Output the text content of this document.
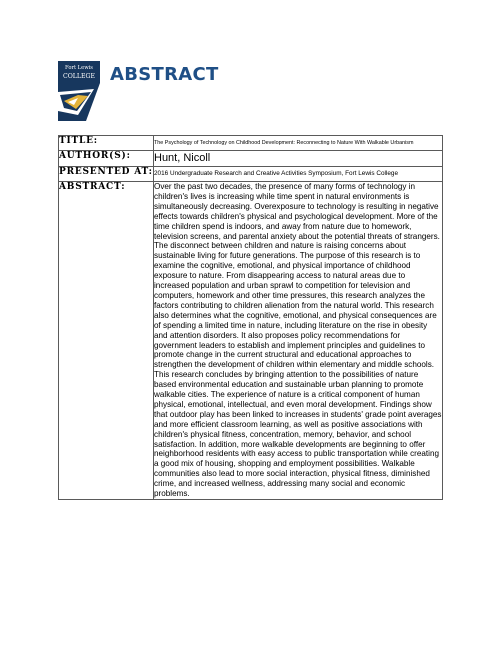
Fort Lewis
COLLEGE ABSTRACT
TITLE:	The Psychology of Technology on Childhood Development: Reconnecting to Nature With Walkable Urbanism
AUTHOR(S):	Hunt, Nicoll
PRESENTED AT:	2016 Undergraduate Research and Creative Activities Symposium, Fort Lewis College
ABSTRACT:	Over the past two decades, the presence of many forms of technology in children's lives is increasing while time spent in natural environments is simultaneously decreasing. Overexposure to technology is resulting in negative effects towards children's physical and psychological development. More of the time children spend is indoors, and away from nature due to homework, television screens, and parental anxiety about the potential threats of strangers. The disconnect between children and nature is raising concerns about sustainable living for future generations. The purpose of this research is to examine the cognitive, emotional, and physical importance of childhood exposure to nature. From disappearing access to natural areas due to increased population and urban sprawl to competition for television and computers, homework and other time pressures, this research analyzes the factors contributing to children alienation from the natural world. This research also determines what the cognitive, emotional, and physical consequences are of spending a limited time in nature, including literature on the rise in obesity and attention disorders. It also proposes policy recommendations for government leaders to establish and implement principles and guidelines to promote change in the current structural and educational approaches to strengthen the development of children within elementary and middle schools. This research concludes by bringing attention to the possibilities of nature based environmental education and sustainable urban planning to promote walkable cities. The experience of nature is a critical component of human physical, emotional, intellectual, and even moral development. Findings show that outdoor play has been linked to increases in students' grade point averages and more efficient classroom learning, as well as positive associations with children's physical fitness, concentration, memory, behavior, and school satisfaction. In addition, more walkable developments are beginning to offer neighborhood residents with easy access to public transportation while creating a good mix of housing, shopping and employment possibilities. Walkable communities also lead to more social interaction, physical fitness, diminished crime, and increased wellness, addressing many social and economic problems.
